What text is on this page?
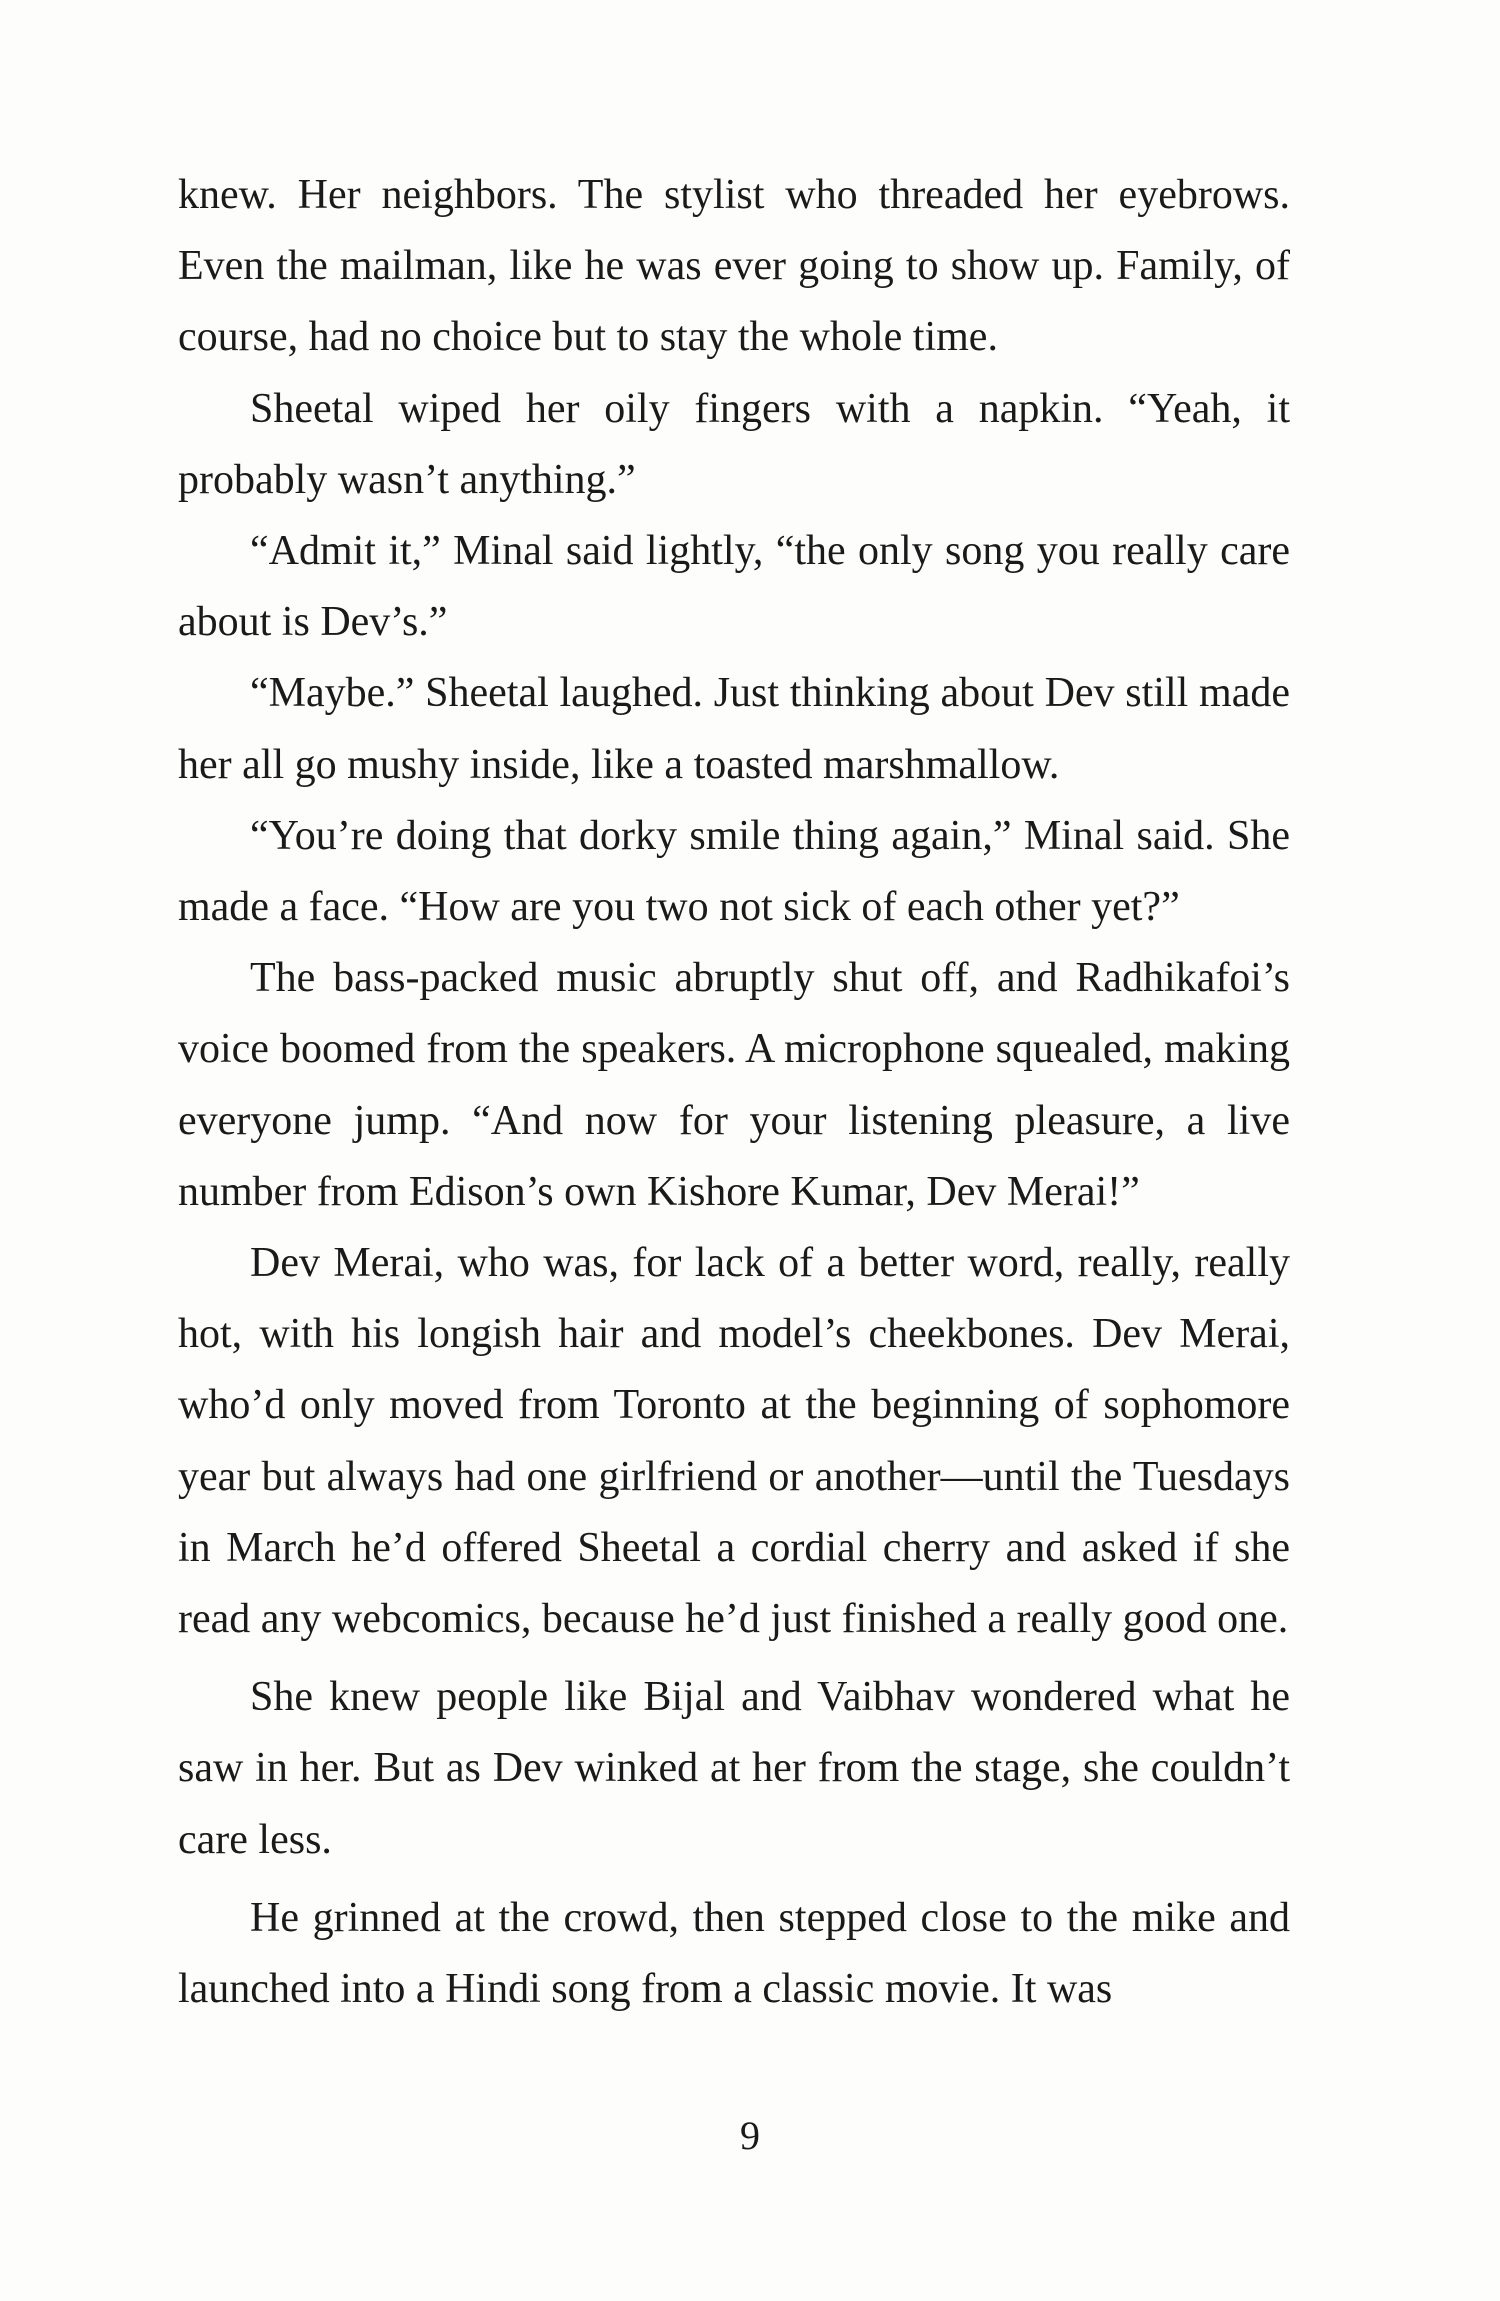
knew. Her neighbors. The stylist who threaded her eyebrows. Even the mailman, like he was ever going to show up. Family, of course, had no choice but to stay the whole time.

Sheetal wiped her oily fingers with a napkin. “Yeah, it probably wasn’t anything.”

“Admit it,” Minal said lightly, “the only song you really care about is Dev’s.”

“Maybe.” Sheetal laughed. Just thinking about Dev still made her all go mushy inside, like a toasted marshmallow.

“You’re doing that dorky smile thing again,” Minal said. She made a face. “How are you two not sick of each other yet?”

The bass-packed music abruptly shut off, and Radhikafoi’s voice boomed from the speakers. A microphone squealed, making everyone jump. “And now for your listening pleasure, a live number from Edison’s own Kishore Kumar, Dev Merai!”

Dev Merai, who was, for lack of a better word, really, really hot, with his longish hair and model’s cheekbones. Dev Merai, who’d only moved from Toronto at the beginning of sophomore year but always had one girlfriend or another—until the Tuesdays in March he’d offered Sheetal a cordial cherry and asked if she read any webcomics, because he’d just finished a really good one.

She knew people like Bijal and Vaibhav wondered what he saw in her. But as Dev winked at her from the stage, she couldn’t care less.

He grinned at the crowd, then stepped close to the mike and launched into a Hindi song from a classic movie. It was

9
